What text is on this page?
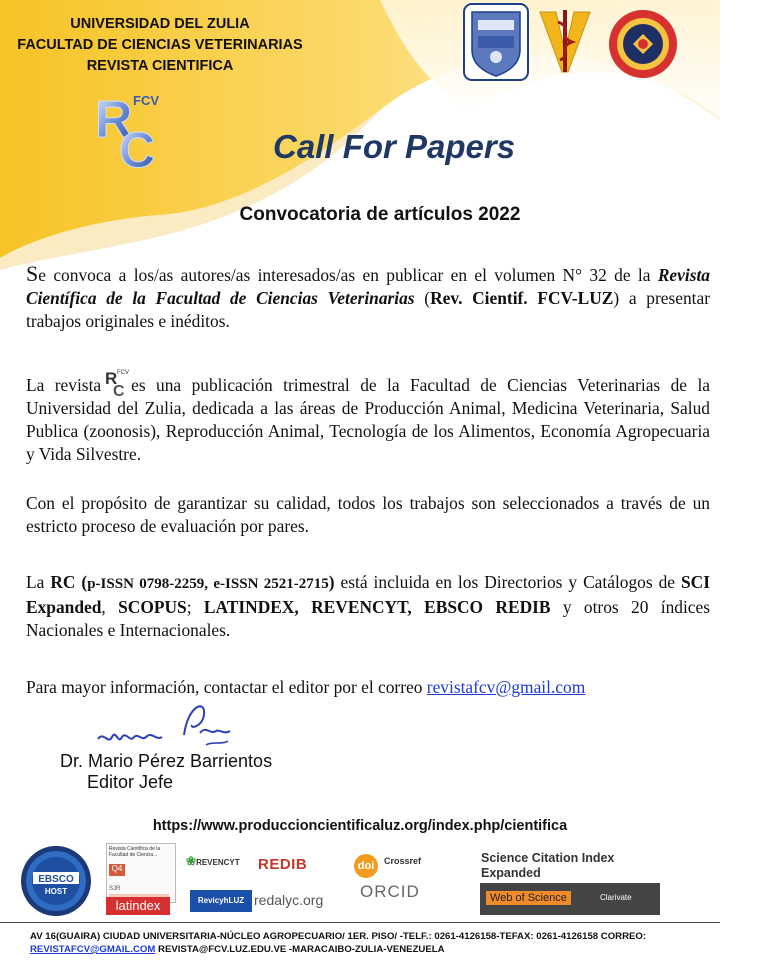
UNIVERSIDAD DEL ZULIA
FACULTAD DE CIENCIAS VETERINARIAS
REVISTA CIENTIFICA
R
C
FCV
Call For Papers
Convocatoria de artículos 2022
Se convoca a los/as autores/as interesados/as en publicar en el volumen N° 32 de la Revista Científica de la Facultad de Ciencias Veterinarias (Rev. Cientif. FCV-LUZ) a presentar trabajos originales e inéditos.
La revista R
C
FCV
es una publicación trimestral de la Facultad de Ciencias Veterinarias de la Universidad del Zulia, dedicada a las áreas de Producción Animal, Medicina Veterinaria, Salud Publica (zoonosis), Reproducción Animal, Tecnología de los Alimentos, Economía Agropecuaria y Vida Silvestre.
Con el propósito de garantizar su calidad, todos los trabajos son seleccionados a través de un estricto proceso de evaluación por pares.
La RC (p-ISSN 0798-2259, e-ISSN 2521-2715) está incluida en los Directorios y Catálogos de SCI Expanded, SCOPUS; LATINDEX, REVENCYT, EBSCO REDIB y otros 20 índices Nacionales e Internacionales.
Para mayor información, contactar el editor por el correo revistafcv@gmail.com
Dr. Mario Pérez Barrientos
Editor Jefe
https://www.produccioncientificaluz.org/index.php/cientifica
EBSCO
HOST
Revista Científica de la Facultad de Ciencia...
Q4
SJR
latindex
❀REVENCYT
RevicyhLUZ
REDIB
redalyc.org
doi	Crossref
ORCID
Science Citation Index Expanded
Web of Science	Clarivate
AV 16(GUAIRA) CIUDAD UNIVERSITARIA-NÚCLEO AGROPECUARIO/ 1ER. PISO/ -TELF.: 0261-4126158-TEFAX: 0261-4126158 CORREO: REVISTAFCV@GMAIL.COM REVISTA@FCV.LUZ.EDU.VE -MARACAIBO-ZULIA-VENEZUELA
